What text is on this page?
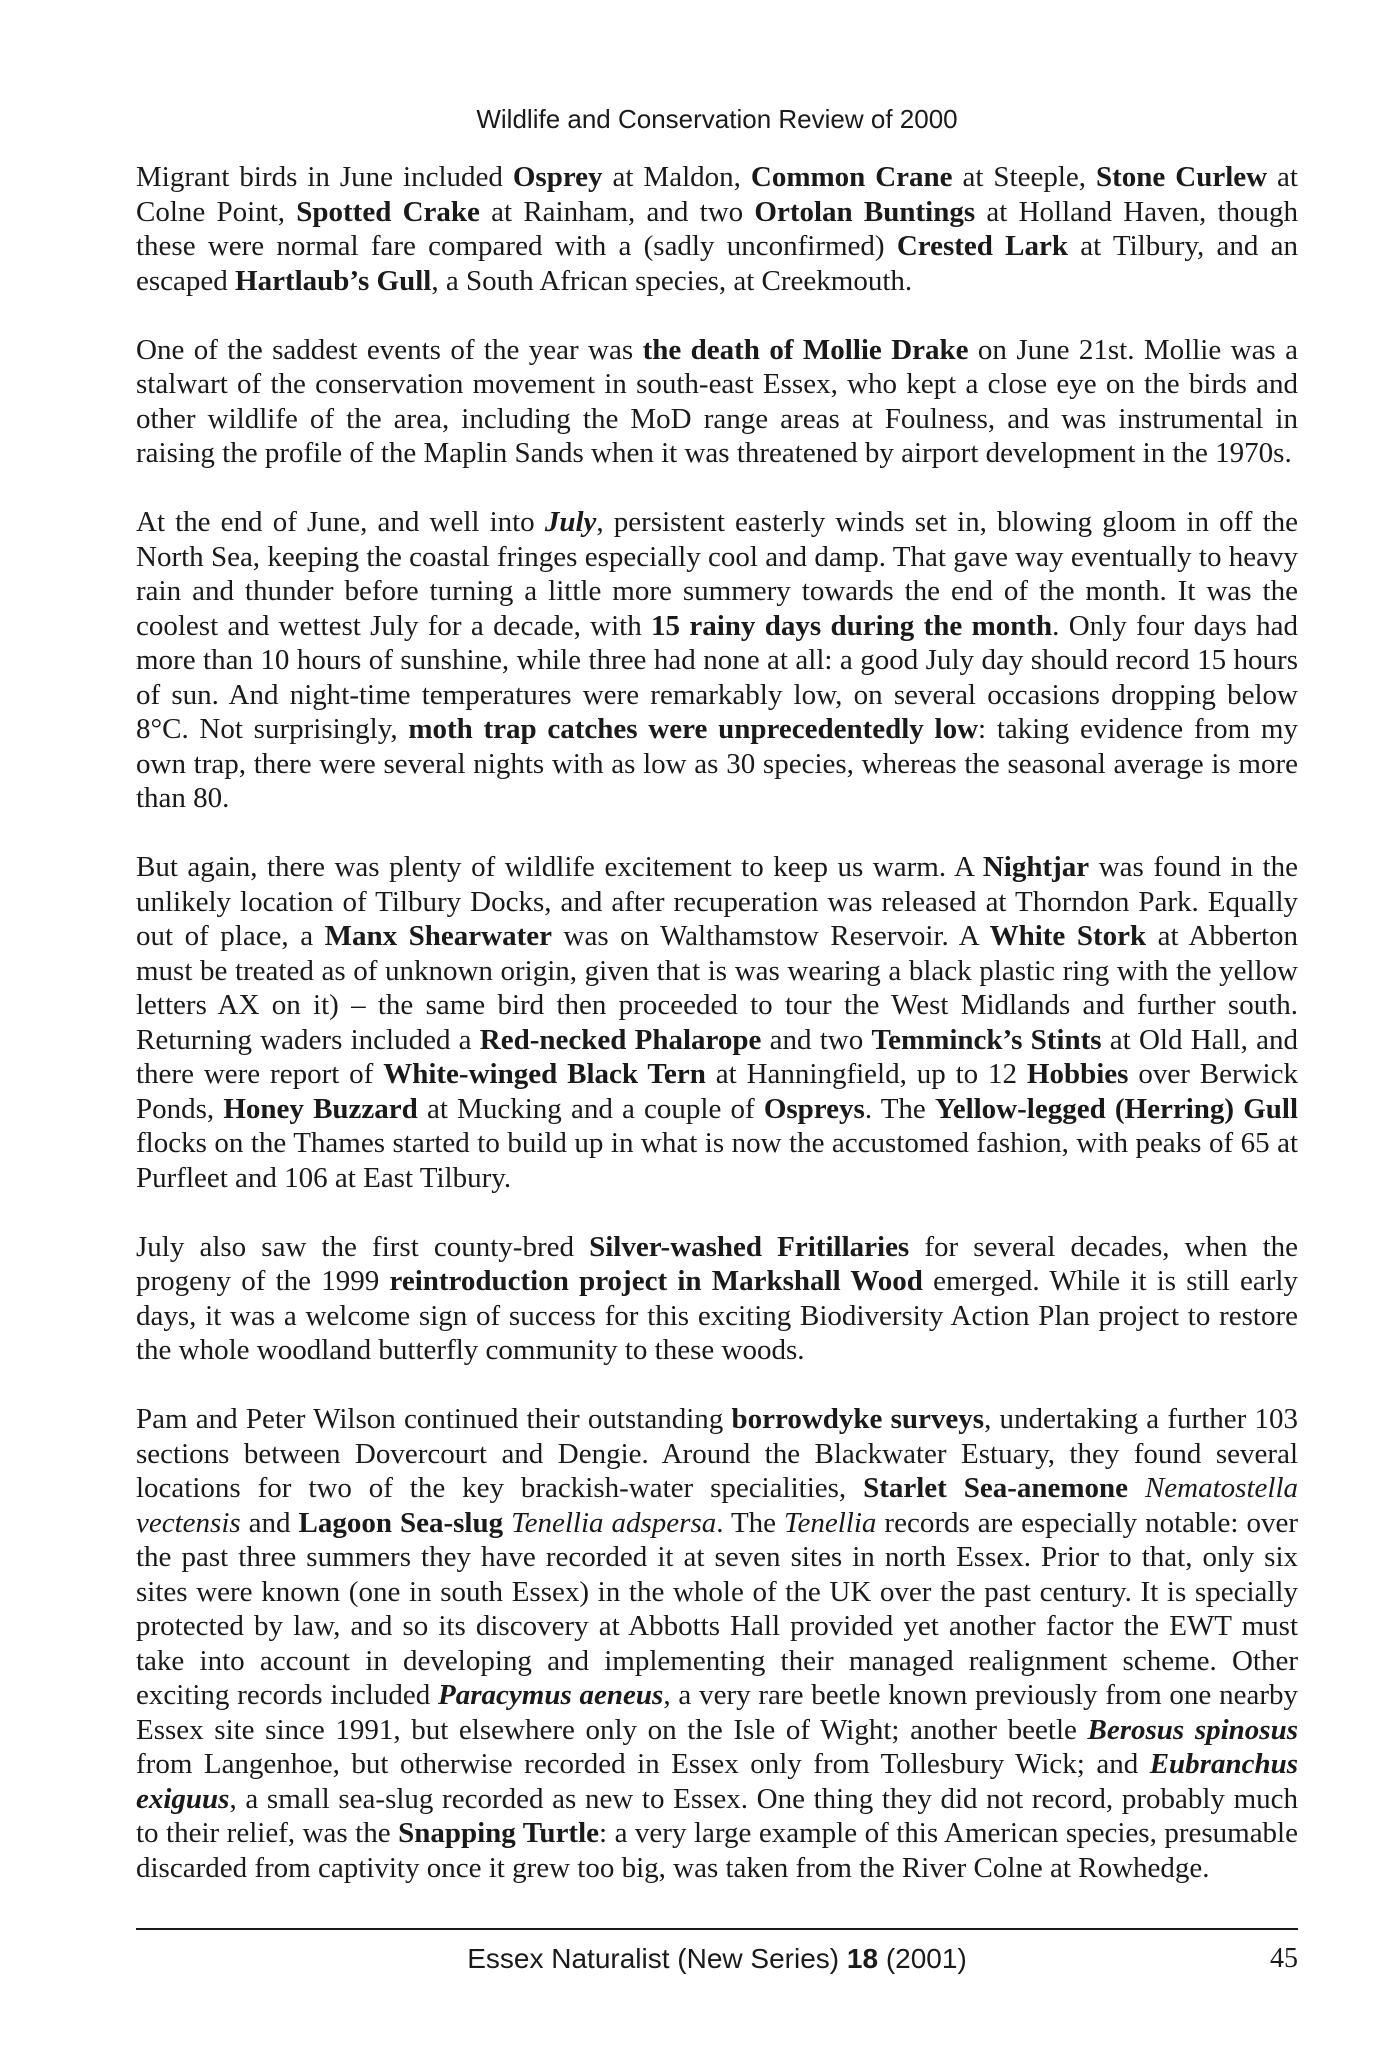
Wildlife and Conservation Review of 2000

Migrant birds in June included Osprey at Maldon, Common Crane at Steeple, Stone Curlew at Colne Point, Spotted Crake at Rainham, and two Ortolan Buntings at Holland Haven, though these were normal fare compared with a (sadly unconfirmed) Crested Lark at Tilbury, and an escaped Hartlaub’s Gull, a South African species, at Creekmouth.

One of the saddest events of the year was the death of Mollie Drake on June 21st. Mollie was a stalwart of the conservation movement in south-east Essex, who kept a close eye on the birds and other wildlife of the area, including the MoD range areas at Foulness, and was instrumental in raising the profile of the Maplin Sands when it was threatened by airport development in the 1970s.

At the end of June, and well into July, persistent easterly winds set in, blowing gloom in off the North Sea, keeping the coastal fringes especially cool and damp. That gave way eventually to heavy rain and thunder before turning a little more summery towards the end of the month. It was the coolest and wettest July for a decade, with 15 rainy days during the month. Only four days had more than 10 hours of sunshine, while three had none at all: a good July day should record 15 hours of sun. And night-time temperatures were remarkably low, on several occasions dropping below 8°C. Not surprisingly, moth trap catches were unprecedentedly low: taking evidence from my own trap, there were several nights with as low as 30 species, whereas the seasonal average is more than 80.

But again, there was plenty of wildlife excitement to keep us warm. A Nightjar was found in the unlikely location of Tilbury Docks, and after recuperation was released at Thorndon Park. Equally out of place, a Manx Shearwater was on Walthamstow Reservoir. A White Stork at Abberton must be treated as of unknown origin, given that is was wearing a black plastic ring with the yellow letters AX on it) – the same bird then proceeded to tour the West Midlands and further south. Returning waders included a Red-necked Phalarope and two Temminck’s Stints at Old Hall, and there were report of White-winged Black Tern at Hanningfield, up to 12 Hobbies over Berwick Ponds, Honey Buzzard at Mucking and a couple of Ospreys. The Yellow-legged (Herring) Gull flocks on the Thames started to build up in what is now the accustomed fashion, with peaks of 65 at Purfleet and 106 at East Tilbury.

July also saw the first county-bred Silver-washed Fritillaries for several decades, when the progeny of the 1999 reintroduction project in Markshall Wood emerged. While it is still early days, it was a welcome sign of success for this exciting Biodiversity Action Plan project to restore the whole woodland butterfly community to these woods.

Pam and Peter Wilson continued their outstanding borrowdyke surveys, undertaking a further 103 sections between Dovercourt and Dengie. Around the Blackwater Estuary, they found several locations for two of the key brackish-water specialities, Starlet Sea-anemone Nematostella vectensis and Lagoon Sea-slug Tenellia adspersa. The Tenellia records are especially notable: over the past three summers they have recorded it at seven sites in north Essex. Prior to that, only six sites were known (one in south Essex) in the whole of the UK over the past century. It is specially protected by law, and so its discovery at Abbotts Hall provided yet another factor the EWT must take into account in developing and implementing their managed realignment scheme. Other exciting records included Paracymus aeneus, a very rare beetle known previously from one nearby Essex site since 1991, but elsewhere only on the Isle of Wight; another beetle Berosus spinosus from Langenhoe, but otherwise recorded in Essex only from Tollesbury Wick; and Eubranchus exiguus, a small sea-slug recorded as new to Essex. One thing they did not record, probably much to their relief, was the Snapping Turtle: a very large example of this American species, presumable discarded from captivity once it grew too big, was taken from the River Colne at Rowhedge.

Essex Naturalist (New Series) 18 (2001)	45
